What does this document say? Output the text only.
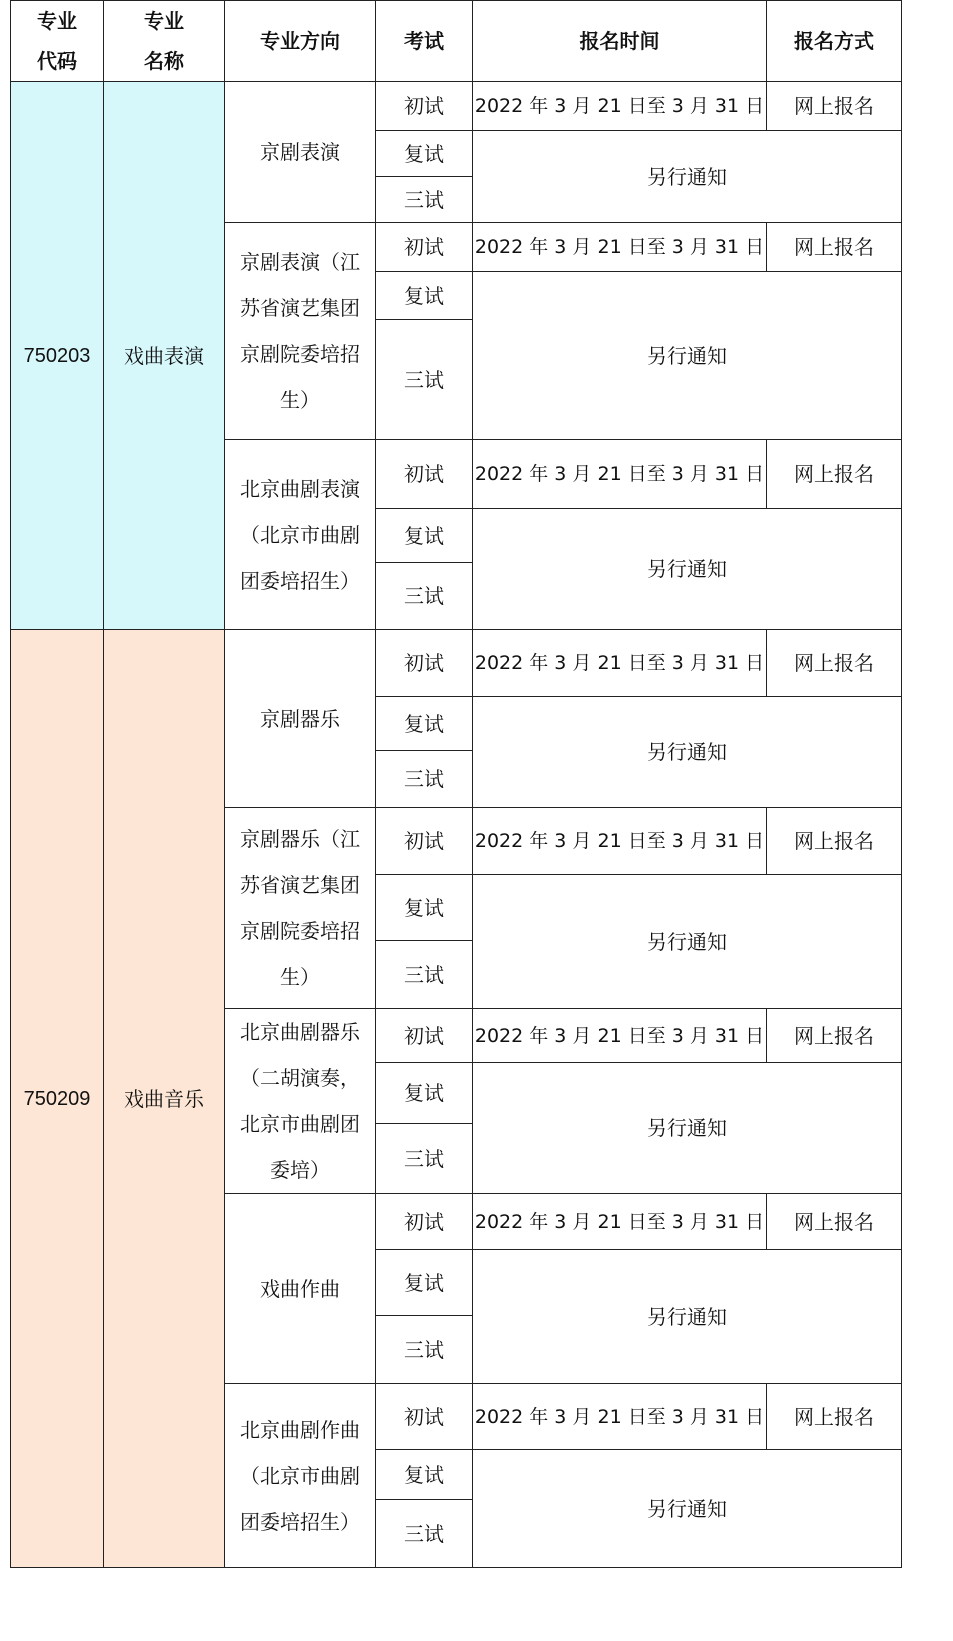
专业代码	专业名称	专业方向	考试	报名时间	报名方式
750203	戏曲表演	京剧表演	初试	2022 年 3 月 21 日至 3 月 31 日	网上报名
			复试	另行通知	
			三试		
		京剧表演（江苏省演艺集团京剧院委培招生）	初试	2022 年 3 月 21 日至 3 月 31 日	网上报名
			复试	另行通知	
			三试		
		北京曲剧表演（北京市曲剧团委培招生）	初试	2022 年 3 月 21 日至 3 月 31 日	网上报名
			复试	另行通知	
			三试		
750209	戏曲音乐	京剧器乐	初试	2022 年 3 月 21 日至 3 月 31 日	网上报名
			复试	另行通知	
			三试		
		京剧器乐（江苏省演艺集团京剧院委培招生）	初试	2022 年 3 月 21 日至 3 月 31 日	网上报名
			复试	另行通知	
			三试		
		北京曲剧器乐（二胡演奏，北京市曲剧团委培）	初试	2022 年 3 月 21 日至 3 月 31 日	网上报名
			复试	另行通知	
			三试		
		戏曲作曲	初试	2022 年 3 月 21 日至 3 月 31 日	网上报名
			复试	另行通知	
			三试		
		北京曲剧作曲（北京市曲剧团委培招生）	初试	2022 年 3 月 21 日至 3 月 31 日	网上报名
			复试	另行通知	
			三试		
